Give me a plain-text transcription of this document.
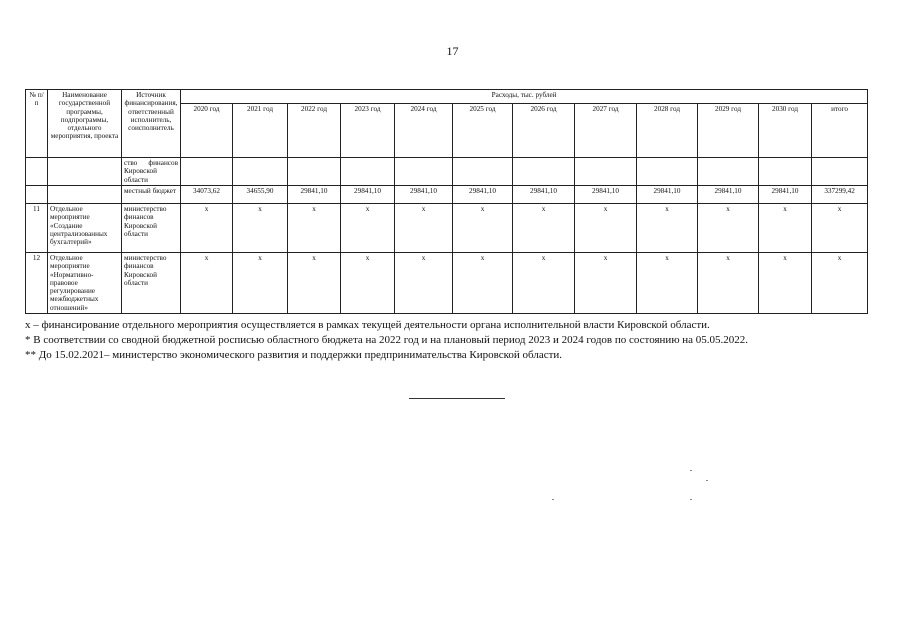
17
№ п/п	Наименование государственной программы, подпрограммы, отдельного мероприятия, проекта	Источник финансирования, ответственный исполнитель, соисполнитель	Расходы, тыс. рублей											
			2020 год	2021 год	2022 год	2023 год	2024 год	2025 год	2026 год	2027 год	2028 год	2029 год	2030 год	итого
		ство финансов Кировской области												
		местный бюджет	34073,62	34655,90	29841,10	29841,10	29841,10	29841,10	29841,10	29841,10	29841,10	29841,10	29841,10	337299,42
11	Отдельное мероприятие «Создание централизованных бухгалтерий»	министерство финансов Кировской области	x	x	x	x	x	x	x	x	x	x	x	x
12	Отдельное мероприятие «Нормативно-правовое регулирование межбюджетных отношений»	министерство финансов Кировской области	x	x	x	x	x	x	x	x	x	x	x	x
x – финансирование отдельного мероприятия осуществляется в рамках текущей деятельности органа исполнительной власти Кировской области.
* В соответствии со сводной бюджетной росписью областного бюджета на 2022 год и на плановый период 2023 и 2024 годов по состоянию на 05.05.2022.
** До 15.02.2021– министерство экономического развития и поддержки предпринимательства Кировской области.
